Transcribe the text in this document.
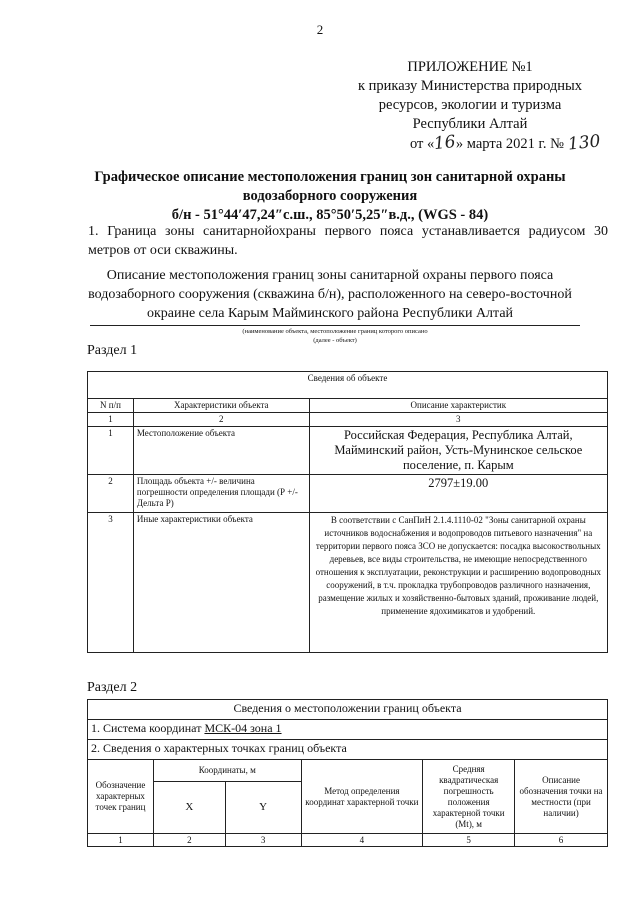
2
ПРИЛОЖЕНИЕ №1
к приказу Министерства природных
ресурсов, экологии и туризма
Республики Алтай
от «16» марта 2021 г. № 130
Графическое описание местоположения границ зон санитарной охраны
водозаборного сооружения
б/н - 51°44′47,24″с.ш., 85°50′5,25″в.д., (WGS - 84)
1. Граница зоны санитарнойохраны первого пояса устанавливается радиусом 30 метров от оси скважины.
Описание местоположения границ зоны санитарной охраны первого пояса водозаборного сооружения (скважина б/н), расположенного на северо-восточной окраине села Карым Майминского района Республики Алтай
(наименование объекта, местоположение границ которого описано
(далее - объект)
Раздел 1
Сведения об объекте		
N п/п	Характеристики объекта	Описание характеристик
1	2	3
1	Местоположение объекта	Российская Федерация, Республика Алтай, Майминский район, Усть-Мунинское сельское поселение, п. Карым
2	Площадь объекта +/- величина погрешности определения площади (Р +/- Дельта Р)	2797±19.00
3	Иные характеристики объекта	В соответствии с СанПиН 2.1.4.1110-02 "Зоны санитарной охраны источников водоснабжения и водопроводов питьевого назначения" на территории первого пояса ЗСО не допускается: посадка высокоствольных деревьев, все виды строительства, не имеющие непосредственного отношения к эксплуатации, реконструкции и расширению водопроводных сооружений, в т.ч. прокладка трубопроводов различного назначения, размещение жилых и хозяйственно-бытовых зданий, проживание людей, применение ядохимикатов и удобрений.
Раздел 2
Сведения о местоположении границ объекта					
1. Система координат МСК-04 зона 1					
2. Сведения о характерных точках границ объекта					
Обозначение характерных точек границ	Координаты, м		Метод определения координат характерной точки	Средняя квадратическая погрешность положения характерной точки (Mt), м	Описание обозначения точки на местности (при наличии)
	X	Y			
1	2	3	4	5	6
